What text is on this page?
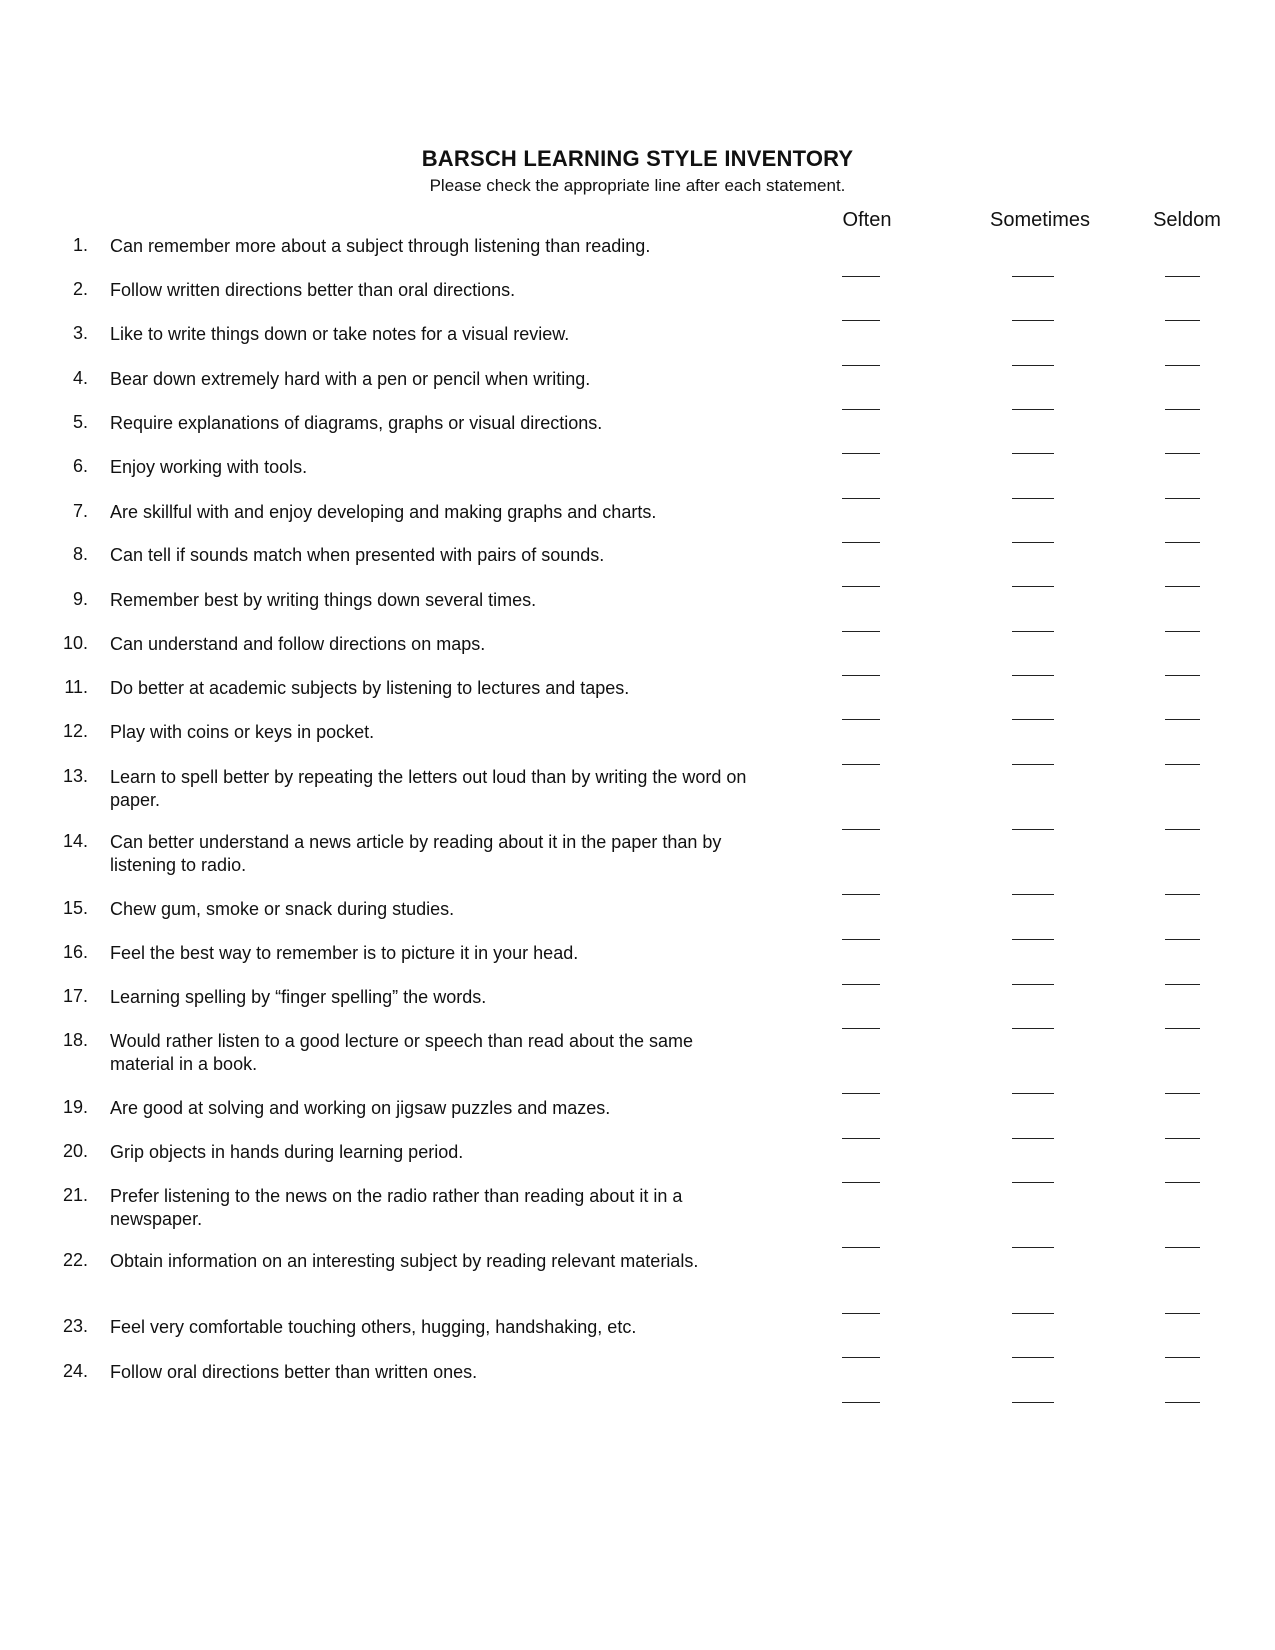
BARSCH LEARNING STYLE INVENTORY
Please check the appropriate line after each statement.
Often	Sometimes	Seldom
1. Can remember more about a subject through listening than reading.
2. Follow written directions better than oral directions.
3. Like to write things down or take notes for a visual review.
4. Bear down extremely hard with a pen or pencil when writing.
5. Require explanations of diagrams, graphs or visual directions.
6. Enjoy working with tools.
7. Are skillful with and enjoy developing and making graphs and charts.
8. Can tell if sounds match when presented with pairs of sounds.
9. Remember best by writing things down several times.
10. Can understand and follow directions on maps.
11. Do better at academic subjects by listening to lectures and tapes.
12. Play with coins or keys in pocket.
13. Learn to spell better by repeating the letters out loud than by writing the word on paper.
14. Can better understand a news article by reading about it in the paper than by listening to radio.
15. Chew gum, smoke or snack during studies.
16. Feel the best way to remember is to picture it in your head.
17. Learning spelling by “finger spelling” the words.
18. Would rather listen to a good lecture or speech than read about the same material in a book.
19. Are good at solving and working on jigsaw puzzles and mazes.
20. Grip objects in hands during learning period.
21. Prefer listening to the news on the radio rather than reading about it in a newspaper.
22. Obtain information on an interesting subject by reading relevant materials.
23. Feel very comfortable touching others, hugging, handshaking, etc.
24. Follow oral directions better than written ones.
